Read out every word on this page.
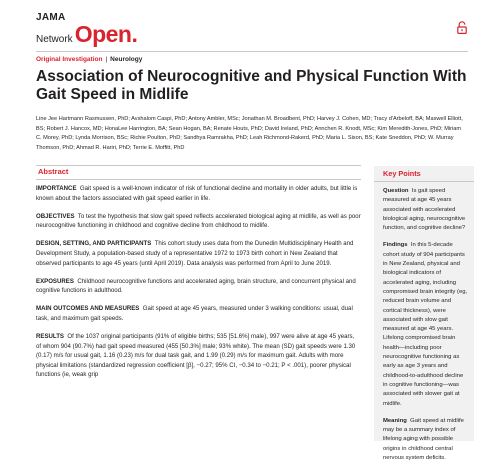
JAMA
Network Open.
Original Investigation | Neurology
Association of Neurocognitive and Physical Function With Gait Speed in Midlife
Line Jee Hartmann Rasmussen, PhD; Avshalom Caspi, PhD; Antony Ambler, MSc; Jonathan M. Broadbent, PhD; Harvey J. Cohen, MD; Tracy d'Arbeloff, BA; Maxwell Elliott, BS; Robert J. Hancox, MD; HonaLee Harrington, BA; Sean Hogan, BA; Renate Houts, PhD; David Ireland, PhD; Annchen R. Knodt, MSc; Kim Meredith-Jones, PhD; Miriam C. Morey, PhD; Lynda Morrison, BSc; Richie Poulton, PhD; Sandhya Ramrakha, PhD; Leah Richmond-Rakerd, PhD; Maria L. Sison, BS; Kate Sneddon, PhD; W. Murray Thomson, PhD; Ahmad R. Hariri, PhD; Terrie E. Moffitt, PhD
Abstract

IMPORTANCE Gait speed is a well-known indicator of risk of functional decline and mortality in older adults, but little is known about the factors associated with gait speed earlier in life.

OBJECTIVES To test the hypothesis that slow gait speed reflects accelerated biological aging at midlife, as well as poor neurocognitive functioning in childhood and cognitive decline from childhood to midlife.

DESIGN, SETTING, AND PARTICIPANTS This cohort study uses data from the Dunedin Multidisciplinary Health and Development Study, a population-based study of a representative 1972 to 1973 birth cohort in New Zealand that observed participants to age 45 years (until April 2019). Data analysis was performed from April to June 2019.

EXPOSURES Childhood neurocognitive functions and accelerated aging, brain structure, and concurrent physical and cognitive functions in adulthood.

MAIN OUTCOMES AND MEASURES Gait speed at age 45 years, measured under 3 walking conditions: usual, dual task, and maximum gait speeds.

RESULTS Of the 1037 original participants (91% of eligible births; 535 [51.6%] male), 997 were alive at age 45 years, of whom 904 (90.7%) had gait speed measured (455 [50.3%] male; 93% white). The mean (SD) gait speeds were 1.30 (0.17) m/s for usual gait, 1.16 (0.23) m/s for dual task gait, and 1.99 (0.29) m/s for maximum gait. Adults with more physical limitations (standardized regression coefficient [β], −0.27; 95% CI, −0.34 to −0.21; P < .001), poorer physical functions (ie, weak grip

Key Points

Question Is gait speed measured at age 45 years associated with accelerated biological aging, neurocognitive function, and cognitive decline?

Findings In this 5-decade cohort study of 904 participants in New Zealand, physical and biological indicators of accelerated aging, including compromised brain integrity (eg, reduced brain volume and cortical thickness), were associated with slow gait measured at age 45 years. Lifelong compromised brain health—including poor neurocognitive functioning as early as age 3 years and childhood-to-adulthood decline in cognitive functioning—was associated with slower gait at midlife.

Meaning Gait speed at midlife may be a summary index of lifelong aging with possible origins in childhood central nervous system deficits.
